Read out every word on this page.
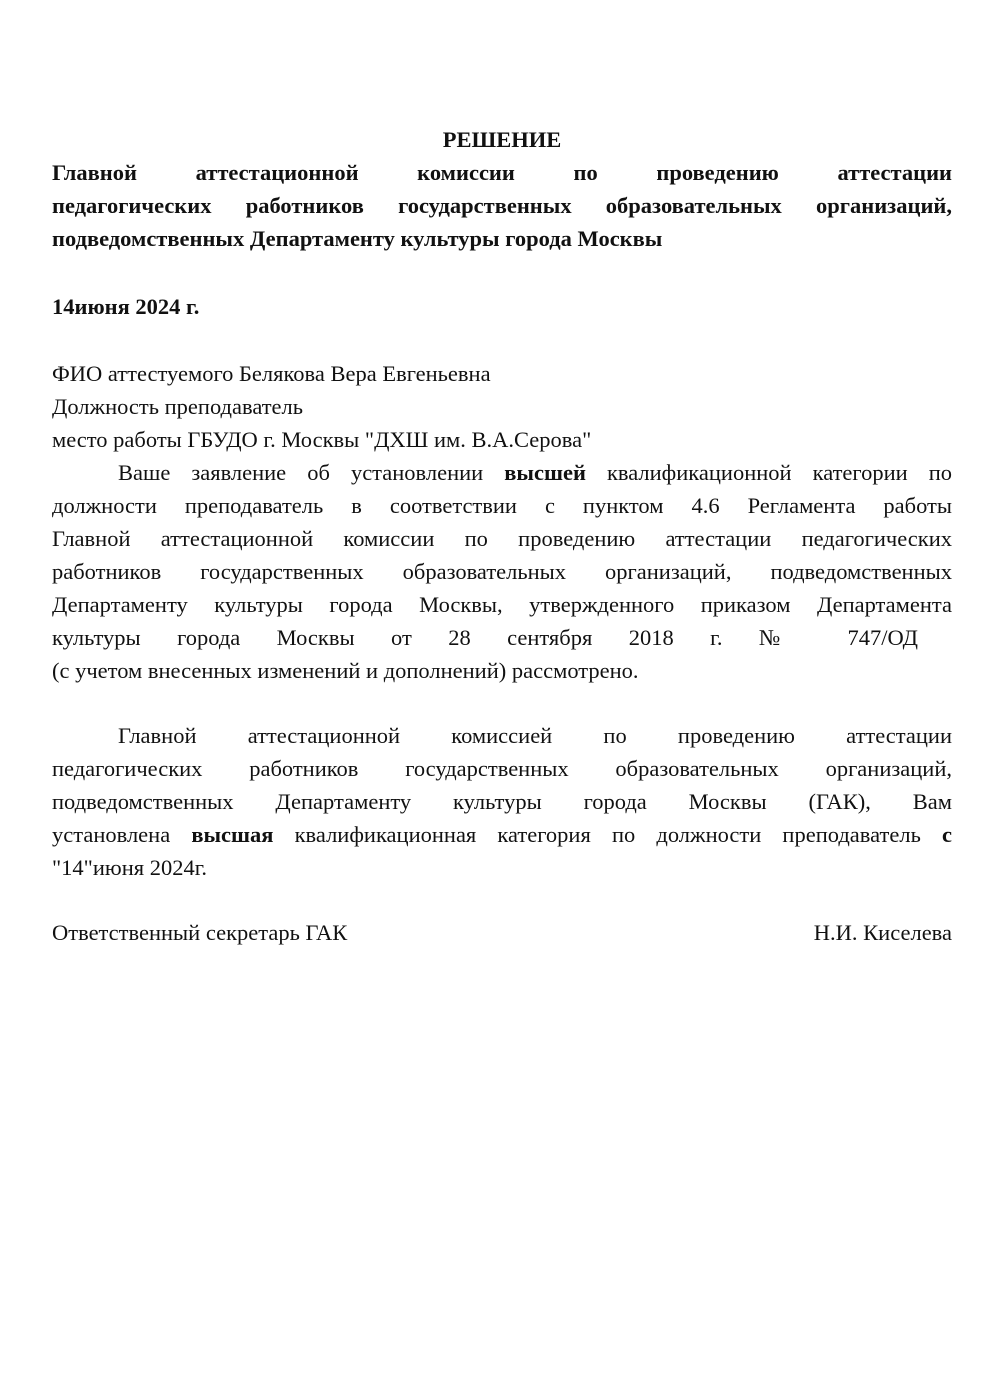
РЕШЕНИЕ

Главной аттестационной комиссии по проведению аттестации
педагогических работников государственных образовательных организаций,
подведомственных Департаменту культуры города Москвы

14июня 2024 г.

ФИО аттестуемого Белякова Вера Евгеньевна

Должность преподаватель

место работы ГБУДО г. Москвы "ДХШ им. В.А.Серова"

Ваше заявление об установлении высшей квалификационной категории по
должности преподаватель в соответствии с пунктом 4.6 Регламента работы
Главной аттестационной комиссии по проведению аттестации педагогических
работников государственных образовательных организаций, подведомственных
Департаменту культуры города Москвы, утвержденного приказом Департамента
культуры города Москвы от 28 сентября 2018 г. № 747/ОД
(с учетом внесенных изменений и дополнений) рассмотрено.
Главной аттестационной комиссией по проведению аттестации
педагогических работников государственных образовательных организаций,
подведомственных Департаменту культуры города Москвы (ГАК), Вам
установлена высшая квалификационная категория по должности преподаватель с
"14"июня 2024г.
Ответственный секретарь ГАК	Н.И. Киселева
